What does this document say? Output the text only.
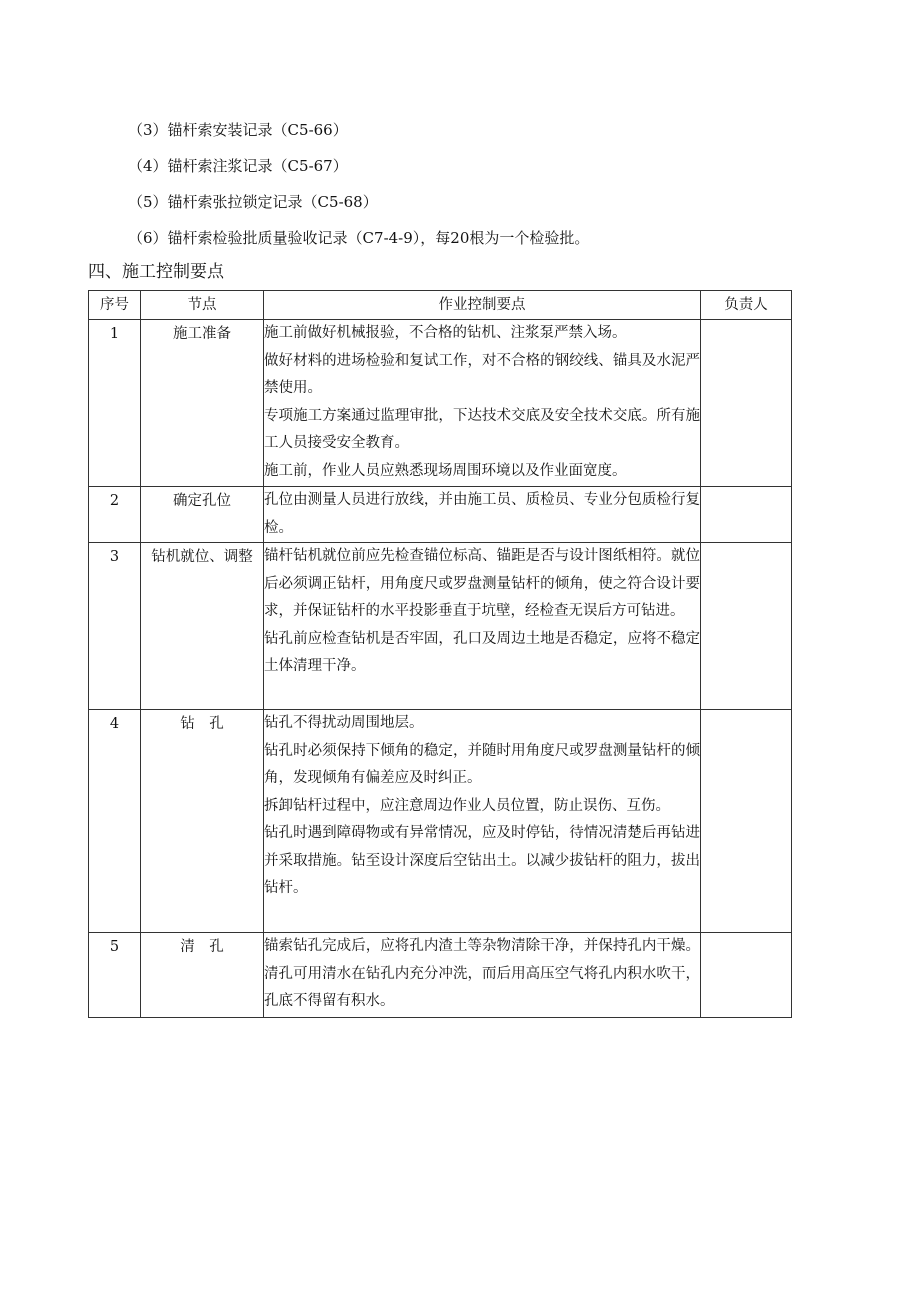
（3）锚杆索安装记录（C5-66）
（4）锚杆索注浆记录（C5-67）
（5）锚杆索张拉锁定记录（C5-68）
（6）锚杆索检验批质量验收记录（C7-4-9），每20根为一个检验批。
四、施工控制要点
序号	节点	作业控制要点	负责人
1	施工准备	施工前做好机械报验，不合格的钻机、注浆泵严禁入场。
做好材料的进场检验和复试工作，对不合格的钢绞线、锚具及水泥严禁使用。
专项施工方案通过监理审批，下达技术交底及安全技术交底。所有施工人员接受安全教育。
施工前，作业人员应熟悉现场周围环境以及作业面宽度。	

2	确定孔位	孔位由测量人员进行放线，并由施工员、质检员、专业分包质检行复检。	

3	钻机就位、调整	锚杆钻机就位前应先检查锚位标高、锚距是否与设计图纸相符。就位后必须调正钻杆，用角度尺或罗盘测量钻杆的倾角，使之符合设计要求，并保证钻杆的水平投影垂直于坑壁，经检查无误后方可钻进。
钻孔前应检查钻机是否牢固，孔口及周边土地是否稳定，应将不稳定土体清理干净。	

4	钻　孔	钻孔不得扰动周围地层。
钻孔时必须保持下倾角的稳定，并随时用角度尺或罗盘测量钻杆的倾角，发现倾角有偏差应及时纠正。
拆卸钻杆过程中，应注意周边作业人员位置，防止误伤、互伤。
钻孔时遇到障碍物或有异常情况，应及时停钻，待情况清楚后再钻进并采取措施。钻至设计深度后空钻出土。以减少拔钻杆的阻力，拔出钻杆。	

5	清　孔	锚索钻孔完成后，应将孔内渣土等杂物清除干净，并保持孔内干燥。清孔可用清水在钻孔内充分冲洗，而后用高压空气将孔内积水吹干，孔底不得留有积水。	
